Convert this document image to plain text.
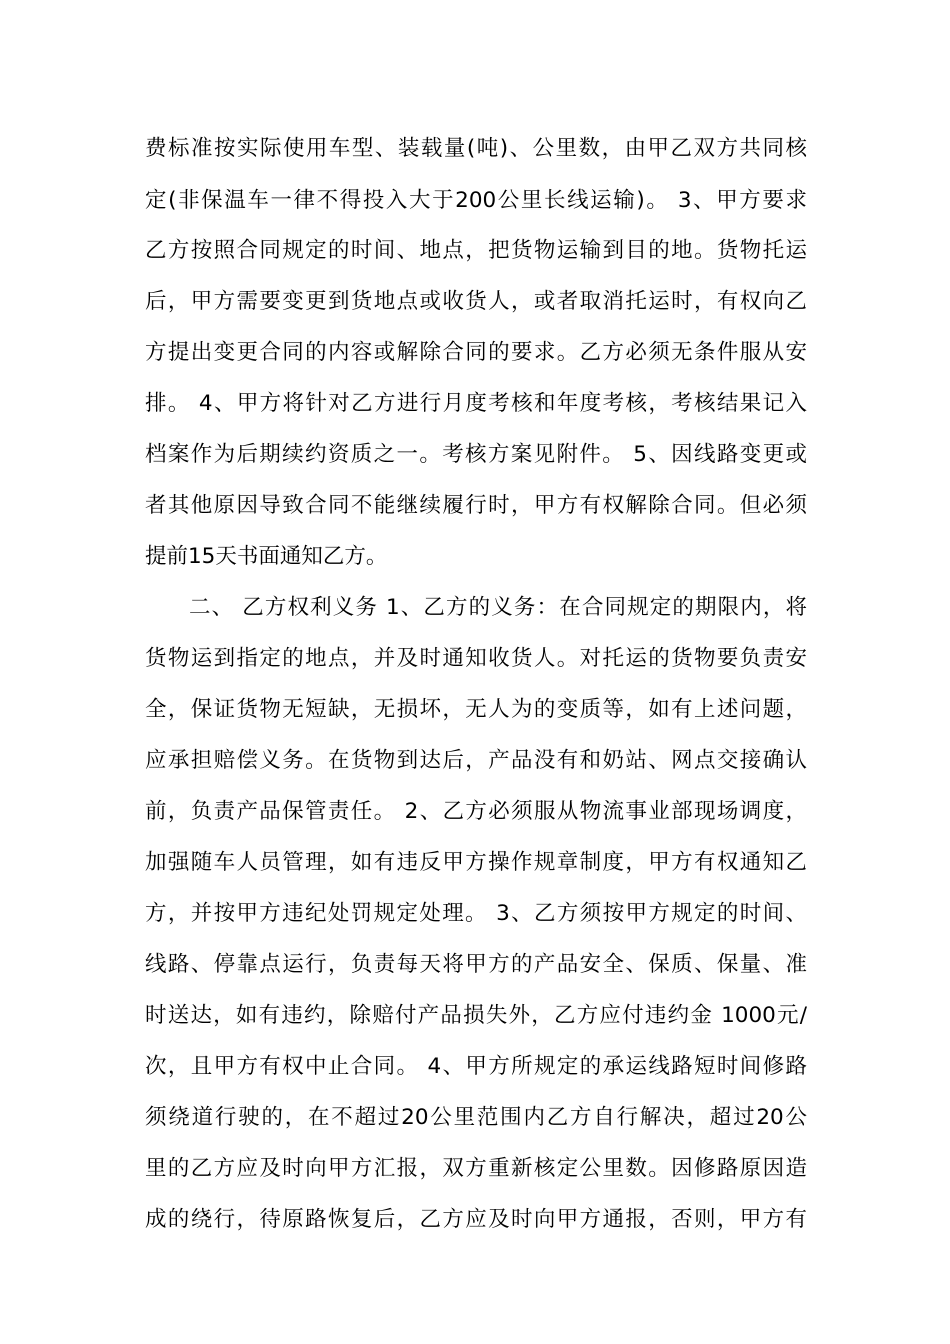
费标准按实际使用车型、装载量(吨)、公里数，由甲乙双方共同核
定(非保温车一律不得投入大于200公里长线运输)。 3、甲方要求
乙方按照合同规定的时间、地点，把货物运输到目的地。货物托运
后，甲方需要变更到货地点或收货人，或者取消托运时，有权向乙
方提出变更合同的内容或解除合同的要求。乙方必须无条件服从安
排。 4、甲方将针对乙方进行月度考核和年度考核，考核结果记入
档案作为后期续约资质之一。考核方案见附件。 5、因线路变更或
者其他原因导致合同不能继续履行时，甲方有权解除合同。但必须
提前15天书面通知乙方。
二、 乙方权利义务 1、乙方的义务：在合同规定的期限内，将
货物运到指定的地点，并及时通知收货人。对托运的货物要负责安
全，保证货物无短缺，无损坏，无人为的变质等，如有上述问题，
应承担赔偿义务。在货物到达后，产品没有和奶站、网点交接确认
前，负责产品保管责任。 2、乙方必须服从物流事业部现场调度，
加强随车人员管理，如有违反甲方操作规章制度，甲方有权通知乙
方，并按甲方违纪处罚规定处理。 3、乙方须按甲方规定的时间、
线路、停靠点运行，负责每天将甲方的产品安全、保质、保量、准
时送达，如有违约，除赔付产品损失外，乙方应付违约金 1000元/
次，且甲方有权中止合同。 4、甲方所规定的承运线路短时间修路
须绕道行驶的，在不超过20公里范围内乙方自行解决，超过20公
里的乙方应及时向甲方汇报，双方重新核定公里数。因修路原因造
成的绕行，待原路恢复后，乙方应及时向甲方通报，否则，甲方有
